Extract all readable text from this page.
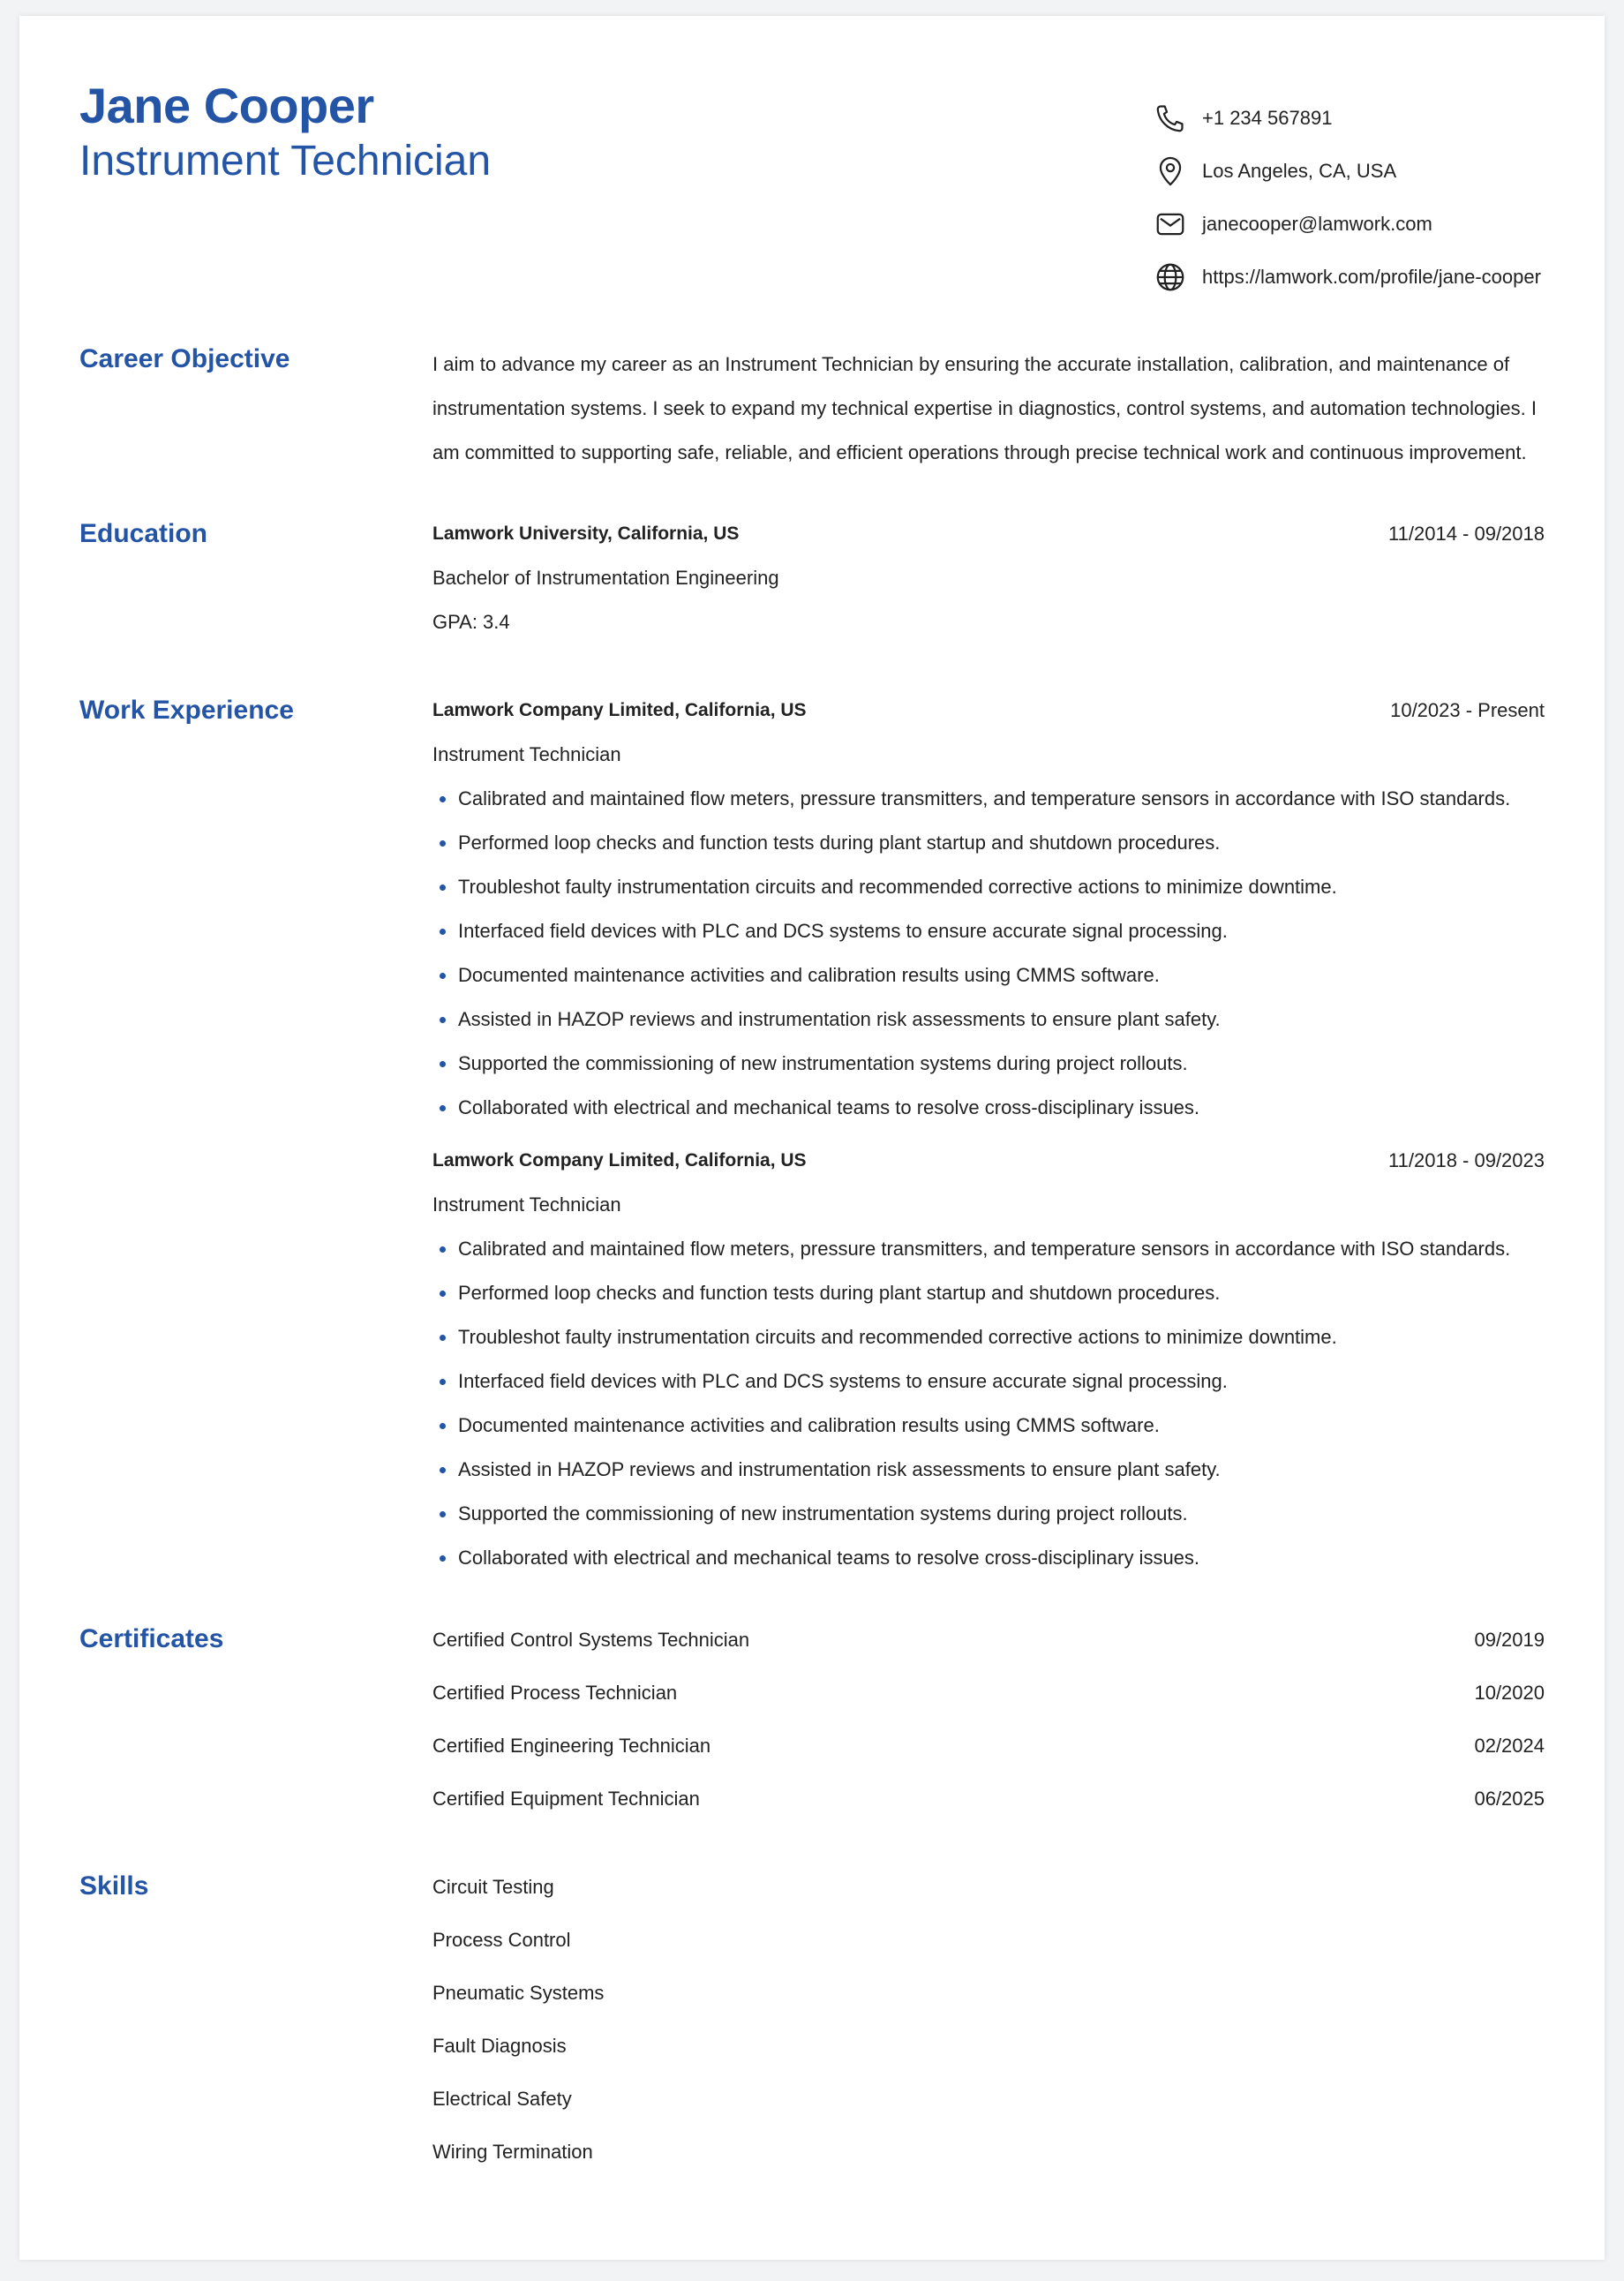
Jane Cooper
Instrument Technician
+1 234 567891
Los Angeles, CA, USA
janecooper@lamwork.com
https://lamwork.com/profile/jane-cooper
Career Objective	I aim to advance my career as an Instrument Technician by ensuring the accurate installation, calibration, and maintenance of instrumentation systems. I seek to expand my technical expertise in diagnostics, control systems, and automation technologies. I am committed to supporting safe, reliable, and efficient operations through precise technical work and continuous improvement.
Education	Lamwork University, California, US	11/2014 - 09/2018
Bachelor of Instrumentation Engineering
GPA: 3.4
Work Experience	Lamwork Company Limited, California, US	10/2023 - Present
Instrument Technician
Calibrated and maintained flow meters, pressure transmitters, and temperature sensors in accordance with ISO standards.
Performed loop checks and function tests during plant startup and shutdown procedures.
Troubleshot faulty instrumentation circuits and recommended corrective actions to minimize downtime.
Interfaced field devices with PLC and DCS systems to ensure accurate signal processing.
Documented maintenance activities and calibration results using CMMS software.
Assisted in HAZOP reviews and instrumentation risk assessments to ensure plant safety.
Supported the commissioning of new instrumentation systems during project rollouts.
Collaborated with electrical and mechanical teams to resolve cross-disciplinary issues.
Lamwork Company Limited, California, US	11/2018 - 09/2023
Instrument Technician
Calibrated and maintained flow meters, pressure transmitters, and temperature sensors in accordance with ISO standards.
Performed loop checks and function tests during plant startup and shutdown procedures.
Troubleshot faulty instrumentation circuits and recommended corrective actions to minimize downtime.
Interfaced field devices with PLC and DCS systems to ensure accurate signal processing.
Documented maintenance activities and calibration results using CMMS software.
Assisted in HAZOP reviews and instrumentation risk assessments to ensure plant safety.
Supported the commissioning of new instrumentation systems during project rollouts.
Collaborated with electrical and mechanical teams to resolve cross-disciplinary issues.
Certificates	Certified Control Systems Technician	09/2019
Certified Process Technician	10/2020
Certified Engineering Technician	02/2024
Certified Equipment Technician	06/2025
Skills	Circuit Testing
Process Control
Pneumatic Systems
Fault Diagnosis
Electrical Safety
Wiring Termination
